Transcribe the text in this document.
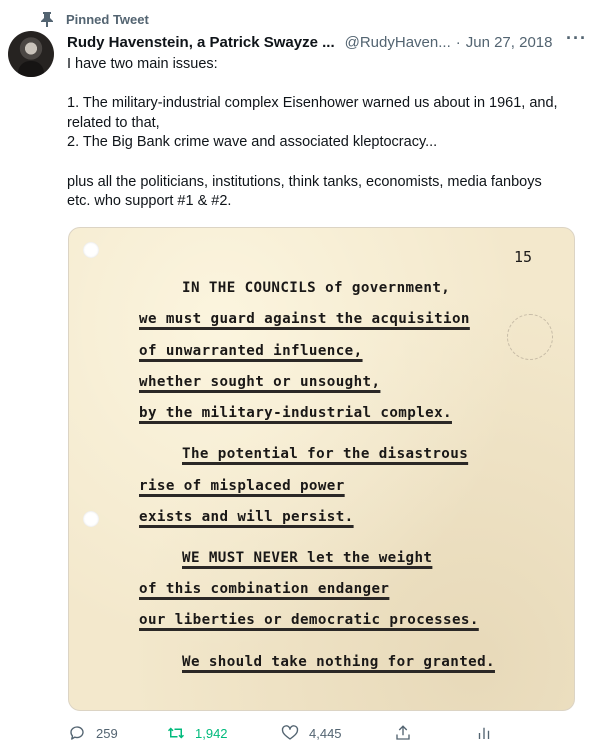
Pinned Tweet
Rudy Havenstein, a Patrick Swayze ... @RudyHaven... · Jun 27, 2018 ···

I have two main issues:

1. The military-industrial complex Eisenhower warned us about in 1961, and,

related to that,

2. The Big Bank crime wave and associated kleptocracy...

plus all the politicians, institutions, think tanks, economists, media fanboys

etc. who support #1 & #2.

15
IN THE COUNCILS of government,
we must guard against the acquisition
of unwarranted influence,
whether sought or unsought,
by the military-industrial complex.
The potential for the disastrous
rise of misplaced power
exists and will persist.
WE MUST NEVER let the weight
of this combination endanger
our liberties or democratic processes.
We should take nothing for granted.
259	1,942	4,445
